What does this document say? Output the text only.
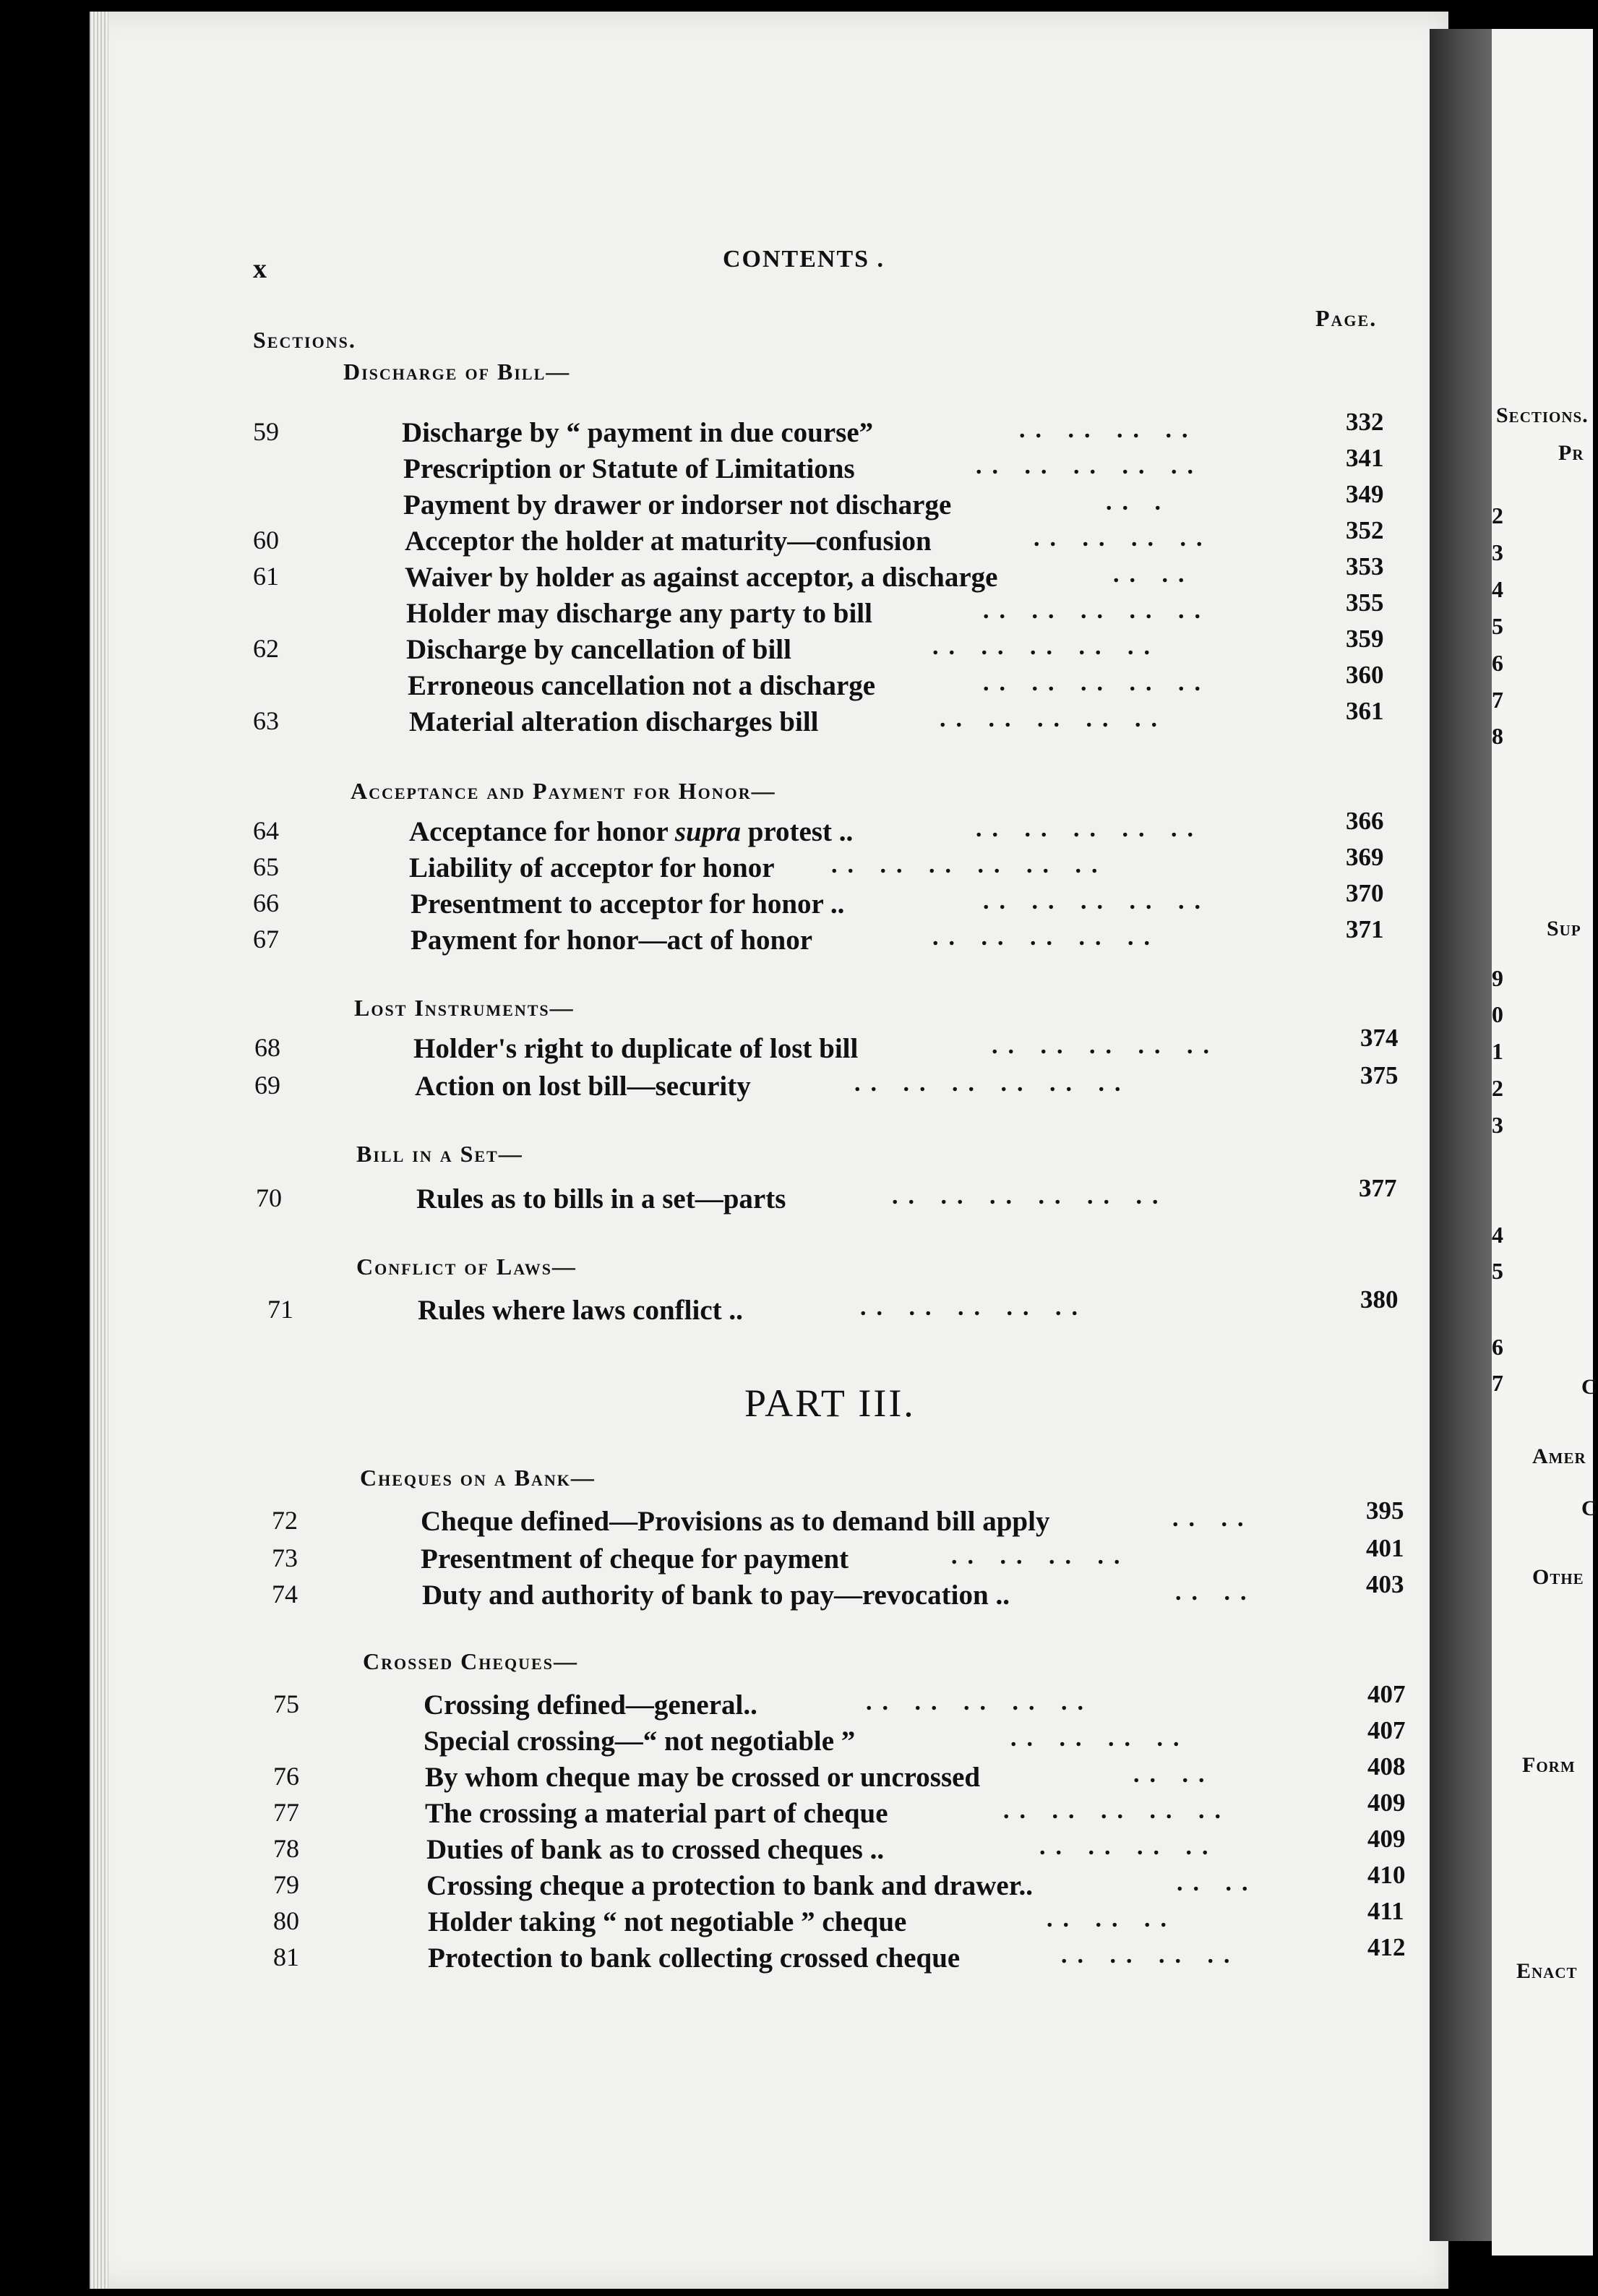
Sections.
Pr
2
3
4
5
6
7
8
Sup
9
0
1
2
3
4
5
6
7	C
Amer
C
Othe
Form
Enact
x	CONTENTS .
Sections.
Page.
Discharge of Bill—
59	Discharge by “ payment in due course”	.. .. .. ..	332
Prescription or Statute of Limitations	.. .. .. .. ..	341
Payment by drawer or indorser not discharge	.. .	349
60	Acceptor the holder at maturity—confusion	.. .. .. ..	352
61	Waiver by holder as against acceptor, a discharge	.. ..	353
Holder may discharge any party to bill	.. .. .. .. ..	355
62	Discharge by cancellation of bill	.. .. .. .. ..	359
Erroneous cancellation not a discharge	.. .. .. .. ..	360
63	Material alteration discharges bill	.. .. .. .. ..	361
Acceptance and Payment for Honor—
64	Acceptance for honor supra protest ..	.. .. .. .. ..	366
65	Liability of acceptor for honor .. .. .. .. .. ..	369
66	Presentment to acceptor for honor ..	.. .. .. .. ..	370
67	Payment for honor—act of honor	.. .. .. .. ..	371
Lost Instruments—
68	Holder's right to duplicate of lost bill	.. .. .. .. ..	374
69	Action on lost bill—security	.. .. .. .. .. ..	375
Bill in a Set—
70	Rules as to bills in a set—parts	.. .. .. .. .. ..	377
Conflict of Laws—
71	Rules where laws conflict ..	.. .. .. .. ..	380
PART III.
Cheques on a Bank—
72	Cheque defined—Provisions as to demand bill apply	.. ..	395
73	Presentment of cheque for payment	.. .. .. ..	401
74	Duty and authority of bank to pay—revocation ..	.. ..	403
Crossed Cheques—
75	Crossing defined—general..	.. .. .. .. ..	407
Special crossing—“ not negotiable ”	.. .. .. ..	407
76	By whom cheque may be crossed or uncrossed	.. ..	408
77	The crossing a material part of cheque	.. .. .. .. ..	409
78	Duties of bank as to crossed cheques ..	.. .. .. ..	409
79	Crossing cheque a protection to bank and drawer..	.. ..	410
80	Holder taking “ not negotiable ” cheque	.. .. ..	411
81	Protection to bank collecting crossed cheque	.. .. .. ..	412
